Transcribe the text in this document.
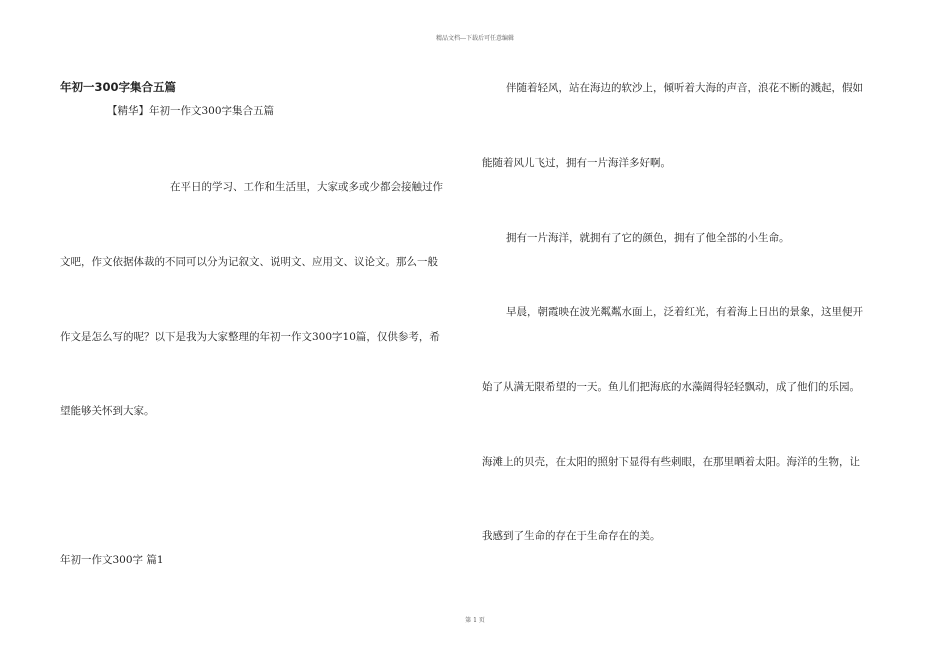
精品文档---下载后可任意编辑
年初一300字集合五篇
【精华】年初一作文300字集合五篇
在平日的学习、工作和生活里，大家或多或少都会接触过作
文吧，作文依据体裁的不同可以分为记叙文、说明文、应用文、议论文。那么一般
作文是怎么写的呢？以下是我为大家整理的年初一作文300字10篇，仅供参考，希
望能够关怀到大家。
年初一作文300字 篇1
伴随着轻风，站在海边的软沙上，倾听着大海的声音，浪花不断的溅起，假如
能随着风儿飞过，拥有一片海洋多好啊。
拥有一片海洋，就拥有了它的颜色，拥有了他全部的小生命。
早晨，朝霞映在波光粼粼水面上，泛着红光，有着海上日出的景象，这里便开
始了从满无限希望的一天。鱼儿们把海底的水藻阔得轻轻飘动，成了他们的乐园。
海滩上的贝壳，在太阳的照射下显得有些刺眼，在那里晒着太阳。海洋的生物，让
我感到了生命的存在于生命存在的美。
第 1 页
